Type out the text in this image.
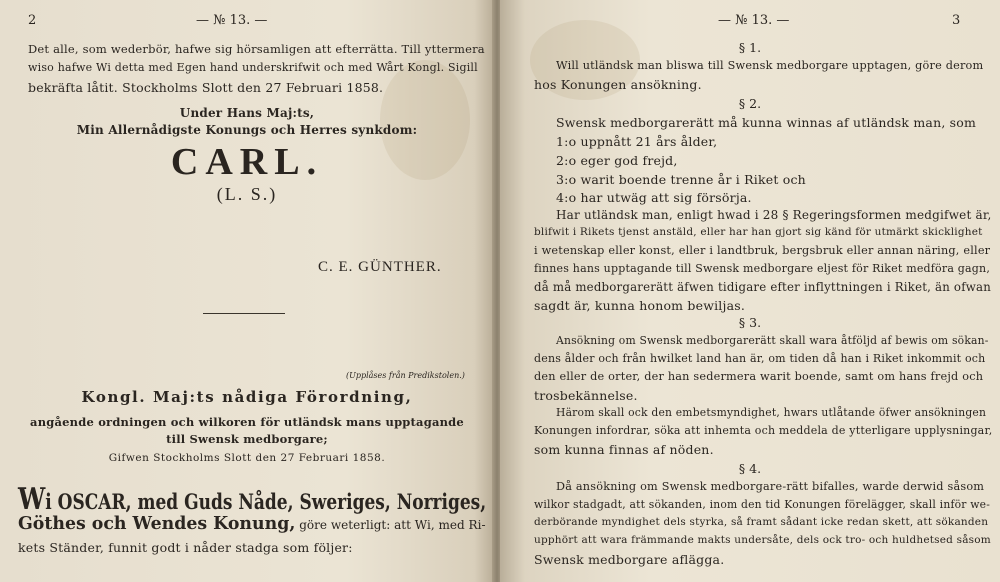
2	— № 13. —
Det alle, som wederbör, hafwe sig hörsamligen att efterrätta. Till yttermera
wiso hafwe Wi detta med Egen hand underskrifwit och med Wårt Kongl. Sigill
bekräfta låtit. Stockholms Slott den 27 Februari 1858.
Under Hans Maj:ts,
Min Allernådigste Konungs och Herres synkdom:
CARL.
(L. S.)
C. E. GÜNTHER.
(Upplåses från Predikstolen.)
Kongl. Maj:ts nådiga Förordning,
angående ordningen och wilkoren för utländsk mans upptagande
till Swensk medborgare;
Gifwen Stockholms Slott den 27 Februari 1858.
Wi OSCAR, med Guds Nåde, Sweriges, Norriges,
Göthes och Wendes Konung, göre weterligt: att Wi, med Ri-
kets Ständer, funnit godt i nåder stadga som följer:
— № 13. —	3
§ 1.
Will utländsk man bliswa till Swensk medborgare upptagen, göre derom
hos Konungen ansökning.
§ 2.
Swensk medborgarerätt må kunna winnas af utländsk man, som
1:o uppnått 21 års ålder,
2:o eger god frejd,
3:o warit boende trenne år i Riket och
4:o har utwäg att sig försörja.
Har utländsk man, enligt hwad i 28 § Regeringsformen medgifwet är,
blifwit i Rikets tjenst anstäld, eller har han gjort sig känd för utmärkt skicklighet
i wetenskap eller konst, eller i landtbruk, bergsbruk eller annan näring, eller
finnes hans upptagande till Swensk medborgare eljest för Riket medföra gagn,
då må medborgarerätt äfwen tidigare efter inflyttningen i Riket, än ofwan
sagdt är, kunna honom bewiljas.
§ 3.
Ansökning om Swensk medborgarerätt skall wara åtföljd af bewis om sökan-
dens ålder och från hwilket land han är, om tiden då han i Riket inkommit och
den eller de orter, der han sedermera warit boende, samt om hans frejd och
trosbekännelse.
Härom skall ock den embetsmyndighet, hwars utlåtande öfwer ansökningen
Konungen infordrar, söka att inhemta och meddela de ytterligare upplysningar,
som kunna finnas af nöden.
§ 4.
Då ansökning om Swensk medborgare-rätt bifalles, warde derwid såsom
wilkor stadgadt, att sökanden, inom den tid Konungen förelägger, skall inför we-
derbörande myndighet dels styrka, så framt sådant icke redan skett, att sökanden
upphört att wara främmande makts undersåte, dels ock tro- och huldhetsed såsom
Swensk medborgare aflägga.
